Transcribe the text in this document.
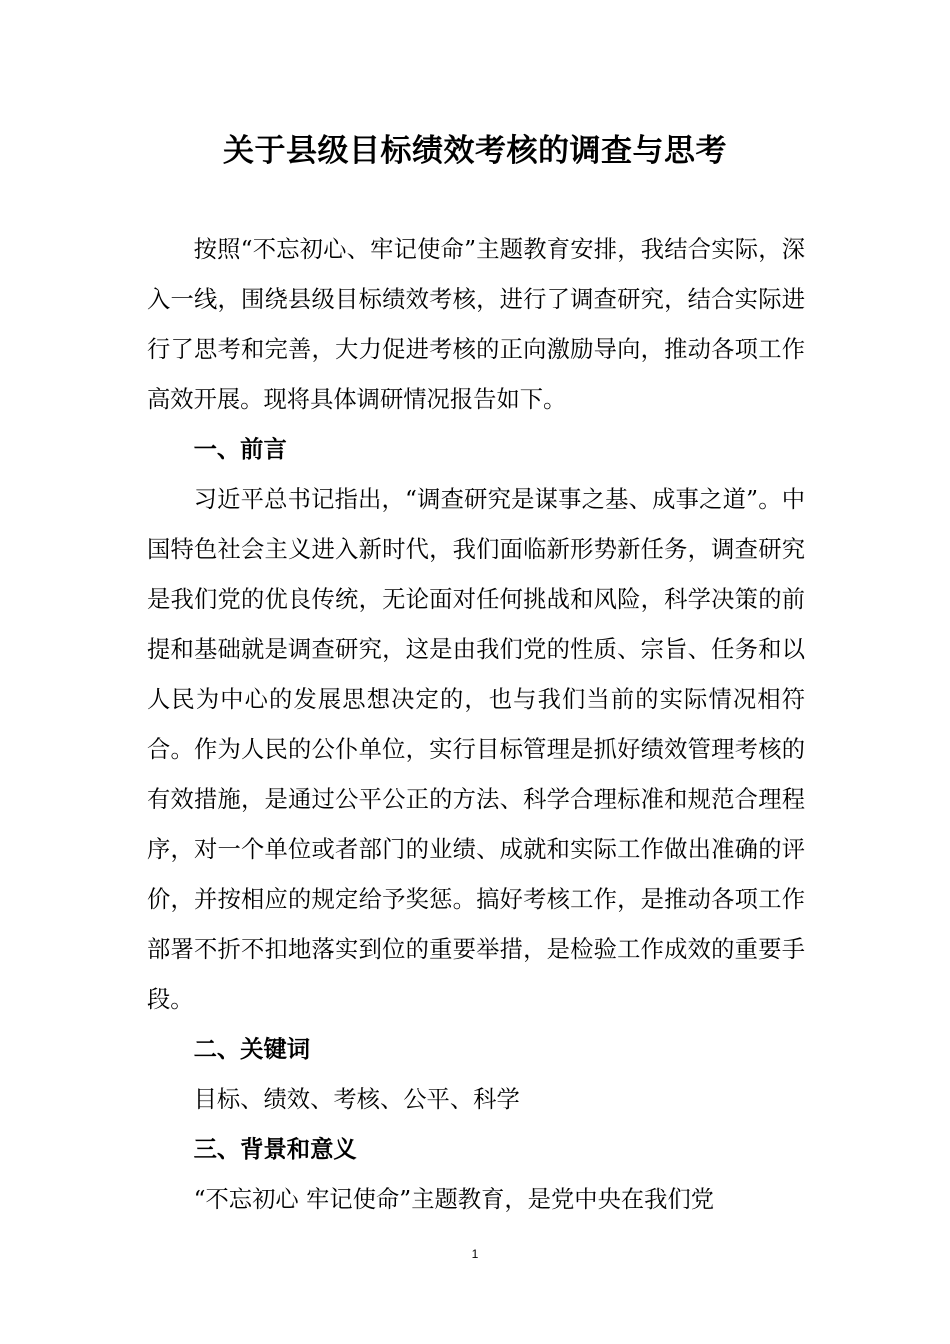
关于县级目标绩效考核的调查与思考

按照“不忘初心、牢记使命”主题教育安排，我结合实际，深入一线，围绕县级目标绩效考核，进行了调查研究，结合实际进行了思考和完善，大力促进考核的正向激励导向，推动各项工作高效开展。现将具体调研情况报告如下。

一、前言

习近平总书记指出，“调查研究是谋事之基、成事之道”。中国特色社会主义进入新时代，我们面临新形势新任务，调查研究是我们党的优良传统，无论面对任何挑战和风险，科学决策的前提和基础就是调查研究，这是由我们党的性质、宗旨、任务和以人民为中心的发展思想决定的，也与我们当前的实际情况相符合。作为人民的公仆单位，实行目标管理是抓好绩效管理考核的有效措施，是通过公平公正的方法、科学合理标准和规范合理程序，对一个单位或者部门的业绩、成就和实际工作做出准确的评价，并按相应的规定给予奖惩。搞好考核工作，是推动各项工作部署不折不扣地落实到位的重要举措，是检验工作成效的重要手段。

二、关键词

目标、绩效、考核、公平、科学

三、背景和意义

“不忘初心 牢记使命”主题教育，是党中央在我们党

1
